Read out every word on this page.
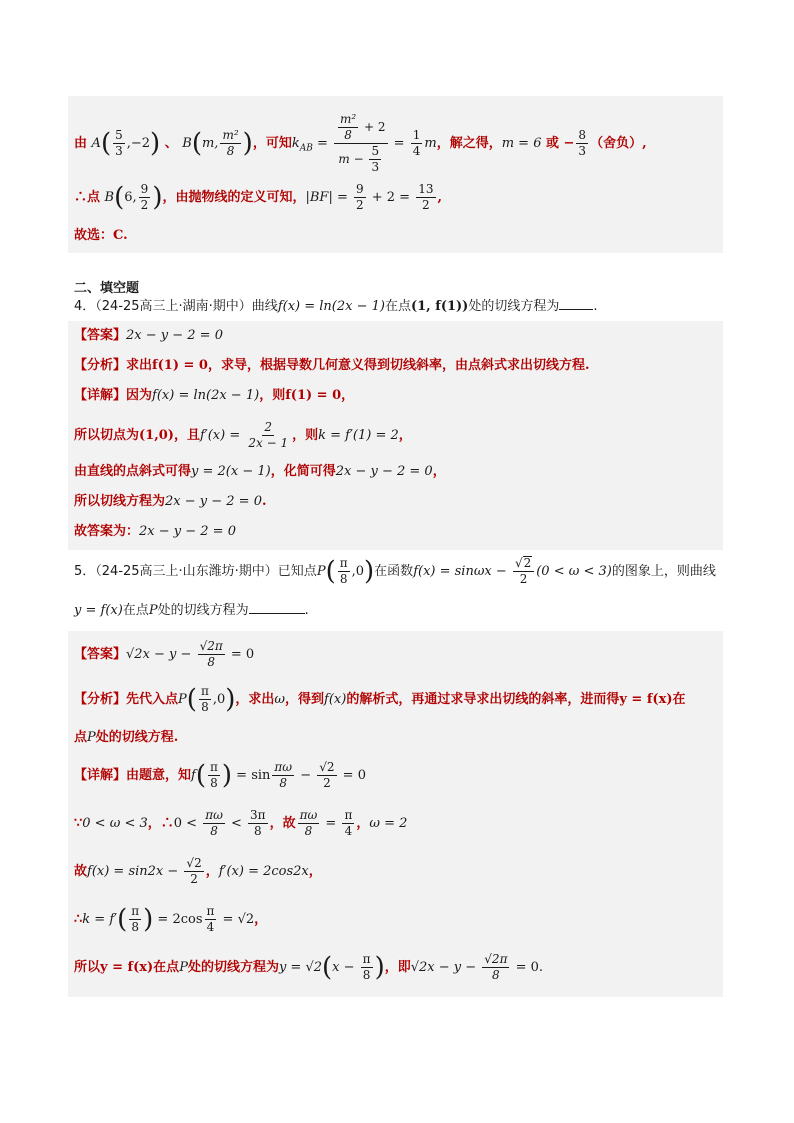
由 $A( \frac{5}{3} ,-2)$ 、 B(m, $\frac{\text{m²}}{8}$ )，可知$k_{AB} = \frac{\frac{\text{m²}}{8} + 2}{m - \frac{5}{3}} = \frac{1}{4}$ m，解之得，m = 6 或 − $\frac{8}{3}$ （舍负）,
∴点 B(6, $\frac{9}{2}$ )，由抛物线的定义可知，$|BF| = \frac{9}{2} + 2 = \frac{13}{2}$ ,
故选：C.
二、填空题
4．（24-25高三上·湖南·期中）曲线f(x) = ln(2x − 1)在点(1, f(1))处的切线方程为	.
【答案】2x − y − 2 = 0
【分析】求出f(1) = 0，求导，根据导数几何意义得到切线斜率，由点斜式求出切线方程.
【详解】因为f(x) = ln(2x − 1)，则f(1) = 0，
所以切点为(1,0)，且$f'(x) = \frac{2}{2x - 1}$ ，则k = f′(1) = 2，
由直线的点斜式可得y = 2(x − 1)，化简可得2x − y − 2 = 0，
所以切线方程为2x − y − 2 = 0.
故答案为：2x − y − 2 = 0
5．（24-25高三上·山东潍坊·期中）已知点$P( \frac{\pi}{8} ,0)$在函数$f(x) = \sin\omega x - \frac{√2}{2} (0 < \omega < 3)$的图象上，则曲线
y = f(x)在点P处的切线方程为	.
【答案】$√2x - y - \frac{√2\pi}{8} = 0$
【分析】先代入点$P( \frac{\pi}{8} ,0)$，求出ω，得到f(x)的解析式，再通过求导求出切线的斜率，进而得y = f(x)在
点P处的切线方程.
【详解】由题意，知$f( \frac{\pi}{8}$ ) = $\sin \frac{\pi\omega}{8} - \frac{√2}{2} = 0$
∵0 < ω < 3，∴0 < $\frac{\pi\omega}{8} < \frac{3\pi}{8}$ ，故 $\frac{\pi\omega}{8} = \frac{\pi}{4}$ ，ω = 2
故$f(x) = \sin 2x - \frac{√2}{2}$ ，f′(x) = 2cos2x，
∴k = $f'( \frac{\pi}{8}$ ) = $2\cos \frac{\pi}{4} = √2$，
所以y = f(x)在点P处的切线方程为$y = √2(x - \frac{\pi}{8}$ )，即$√2x - y - \frac{√2\pi}{8} = 0$.
